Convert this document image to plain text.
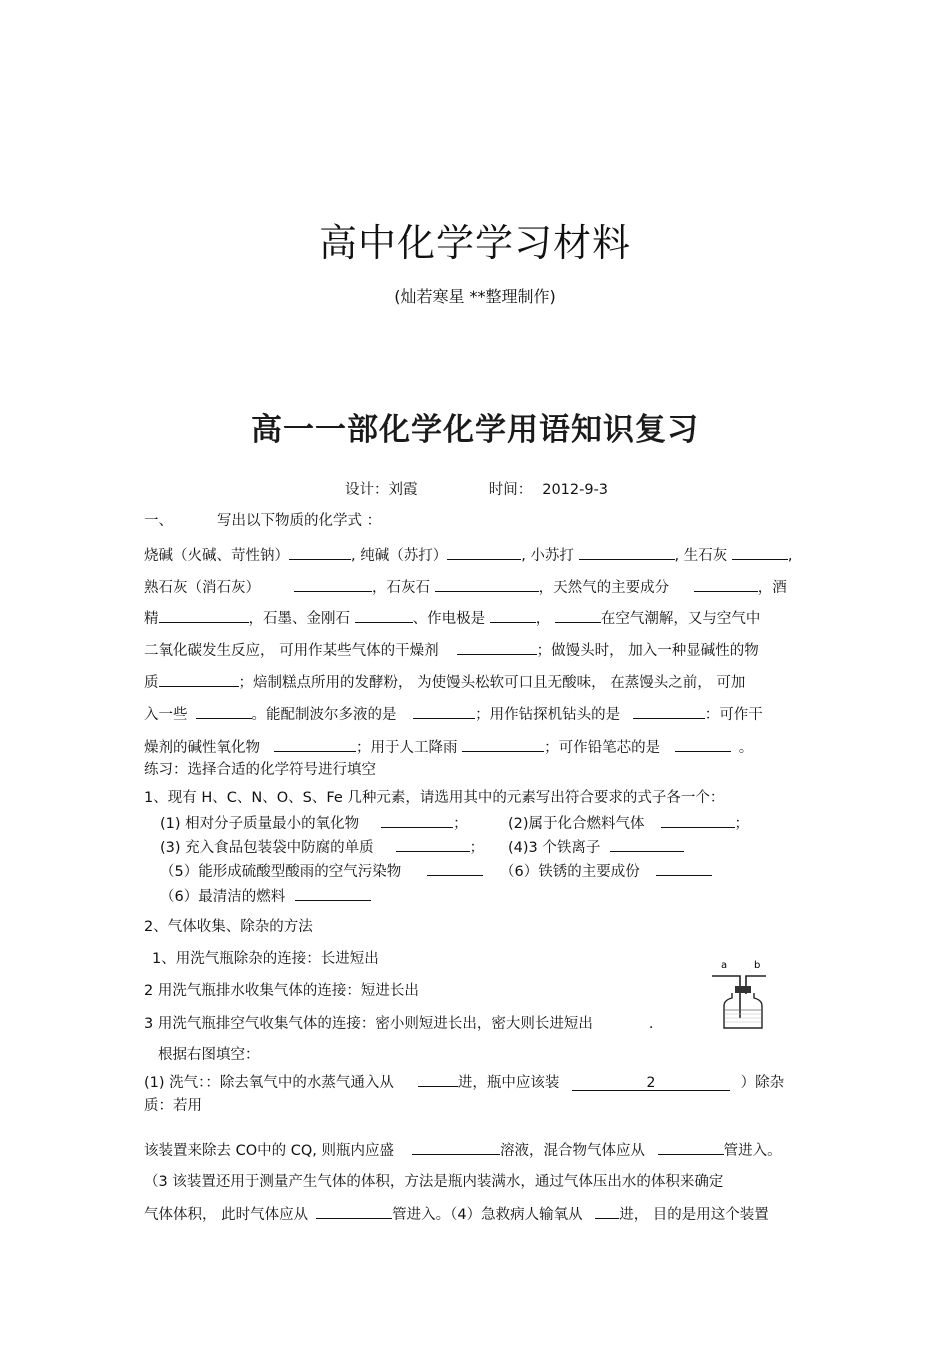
高中化学学习材料
(灿若寒星 **整理制作)
高一一部化学化学用语知识复习
设计：刘霞	时间： 2012-9-3
一、	写出以下物质的化学式 ：
烧碱（火碱、苛性钠）	, 纯碱（苏打）	, 小苏打	, 生石灰	,
熟石灰（消石灰）	，石灰石	，天然气的主要成分	，酒
精	，石墨、金刚石	、作电极是	，	在空气潮解，又与空气中
二氧化碳发生反应， 可用作某些气体的干燥剂	；做馒头时， 加入一种显碱性的物
质	；焙制糕点所用的发酵粉， 为使馒头松软可口且无酸味， 在蒸馒头之前， 可加
入一些	。能配制波尔多液的是	；用作钻探机钻头的是	：可作干
燥剂的碱性氧化物	；用于人工降雨	；可作铅笔芯的是	。
练习：选择合适的化学符号进行填空
1、现有 H、C、N、O、S、Fe 几种元素，请选用其中的元素写出符合要求的式子各一个：
(1) 相对分子质量最小的氧化物	；	(2)属于化合燃料气体	；
(3) 充入食品包装袋中防腐的单质	； (4)3 个铁离子
（5）能形成硫酸型酸雨的空气污染物	（6）铁锈的主要成份
（6）最清洁的燃料
2、气体收集、除杂的方法
1、用洗气瓶除杂的连接：长进短出
2 用洗气瓶排水收集气体的连接：短进长出
3 用洗气瓶排空气收集气体的连接：密小则短进长出，密大则长进短出	.
a	b
根据右图填空：
(1) 洗气：：除去氧气中的水蒸气通入从	进，瓶中应该装	2	）除杂
质：若用
该装置来除去 CO中的 CQ, 则瓶内应盛	溶液，混合物气体应从	管进入。
（3 该装置还用于测量产生气体的体积，方法是瓶内装满水，通过气体压出水的体积来确定
气体体积， 此时气体应从	管进入。（4）急救病人输氧从	进， 目的是用这个装置
